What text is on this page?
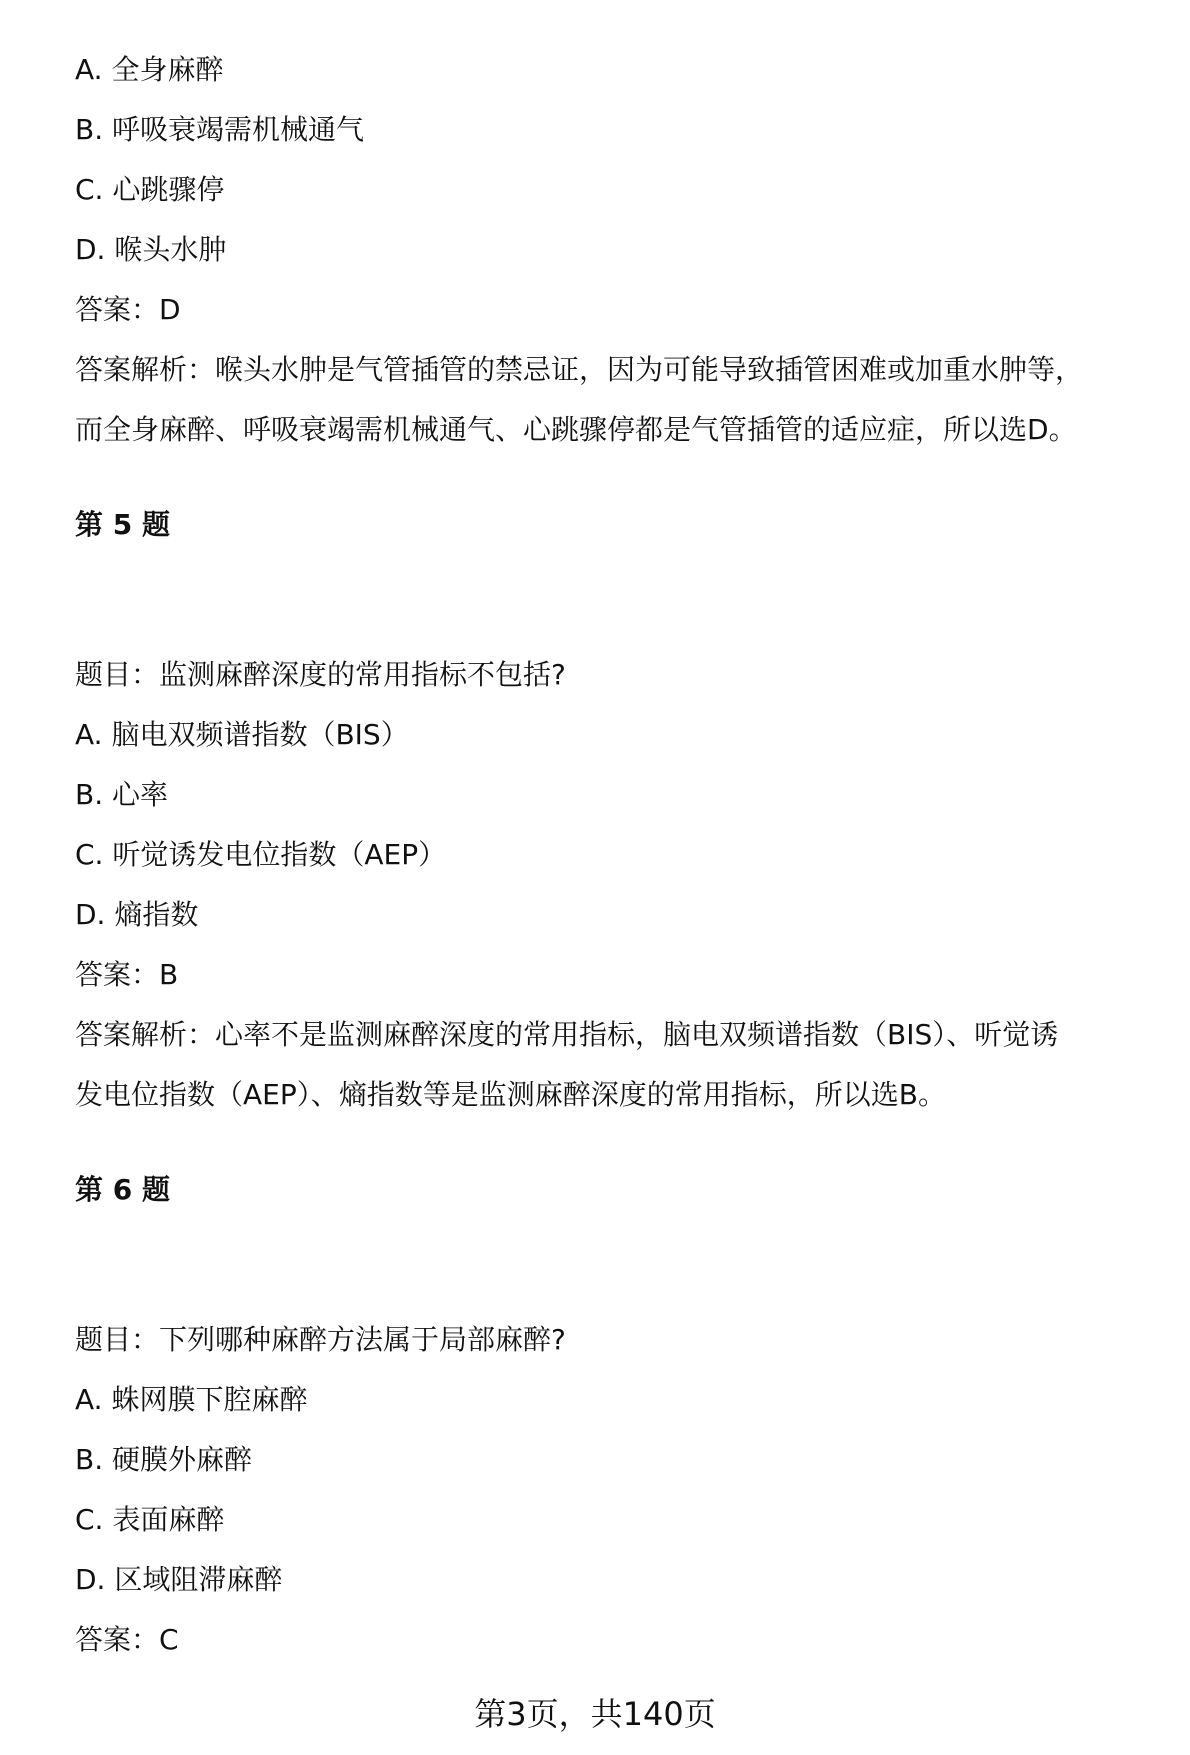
A. 全身麻醉
B. 呼吸衰竭需机械通气
C. 心跳骤停
D. 喉头水肿
答案：D
答案解析：喉头水肿是气管插管的禁忌证，因为可能导致插管困难或加重水肿等，
而全身麻醉、呼吸衰竭需机械通气、心跳骤停都是气管插管的适应症，所以选D。
第 5 题
题目：监测麻醉深度的常用指标不包括?
A. 脑电双频谱指数（BIS）
B. 心率
C. 听觉诱发电位指数（AEP）
D. 熵指数
答案：B
答案解析：心率不是监测麻醉深度的常用指标，脑电双频谱指数（BIS）、听觉诱
发电位指数（AEP）、熵指数等是监测麻醉深度的常用指标，所以选B。
第 6 题
题目：下列哪种麻醉方法属于局部麻醉?
A. 蛛网膜下腔麻醉
B. 硬膜外麻醉
C. 表面麻醉
D. 区域阻滞麻醉
答案：C
第3页，共140页
